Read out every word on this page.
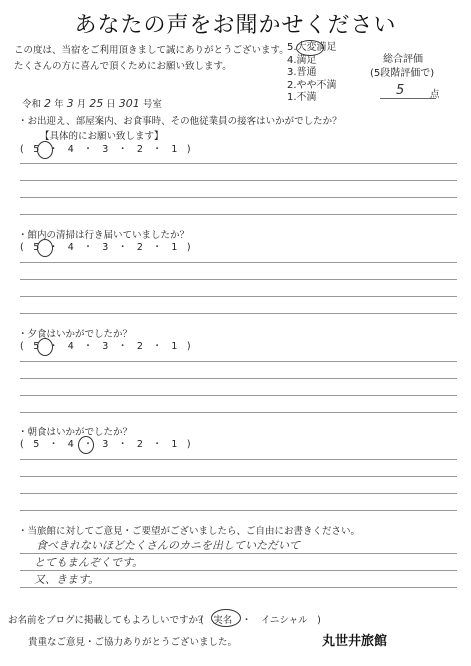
あなたの声をお聞かせください
この度は、当宿をご利用頂きまして誠にありがとうございます。
たくさんの方に喜んで頂くためにお願い致します。
5.大変満足
4.満足
3.普通
2.やや不満
1.不満
総合評価
(5段階評価で)
5	点
令和 2 年 3 月 25 日 301 号室
・お出迎え、部屋案内、お食事時、その他従業員の接客はいかがでしたか？
【具体的にお願い致します】
(　5　・　4　・　3　・　2　・　1　)
・館内の清掃は行き届いていましたか？
(　5　・　4　・　3　・　2　・　1　)
・夕食はいかがでしたか？
(　5　・　4　・　3　・　2　・　1　)
・朝食はいかがでしたか？
(　5　・　4　・　3　・　2　・　1　)
・当旅館に対してご意見・ご要望がございましたら、ご自由にお書きください。
食べきれないほどたくさんのカニを出していただいて
とてもまんぞくです。
又、きます。
お名前をブログに掲載してもよろしいですか？
(　実名　・　イニシャル　)
貴重なご意見・ご協力ありがとうございました。	丸世井旅館
